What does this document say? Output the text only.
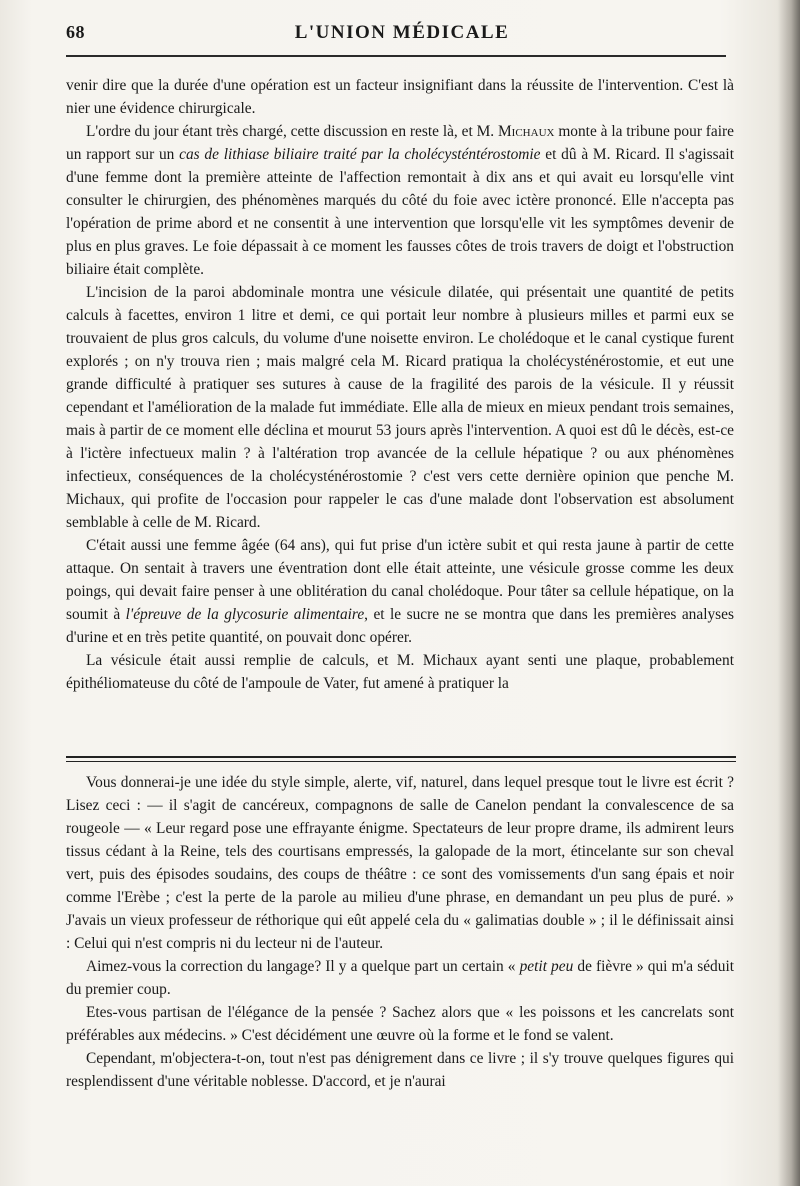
68	L'UNION MÉDICALE

venir dire que la durée d'une opération est un facteur insignifiant dans la réussite de l'intervention. C'est là nier une évidence chirurgicale.

L'ordre du jour étant très chargé, cette discussion en reste là, et M. Michaux monte à la tribune pour faire un rapport sur un cas de lithiase biliaire traité par la cholécysténtérostomie et dû à M. Ricard. Il s'agissait d'une femme dont la première atteinte de l'affection remontait à dix ans et qui avait eu lorsqu'elle vint consulter le chirurgien, des phénomènes marqués du côté du foie avec ictère prononcé. Elle n'accepta pas l'opération de prime abord et ne consentit à une intervention que lorsqu'elle vit les symptômes devenir de plus en plus graves. Le foie dépassait à ce moment les fausses côtes de trois travers de doigt et l'obstruction biliaire était complète.

L'incision de la paroi abdominale montra une vésicule dilatée, qui présentait une quantité de petits calculs à facettes, environ 1 litre et demi, ce qui portait leur nombre à plusieurs milles et parmi eux se trouvaient de plus gros calculs, du volume d'une noisette environ. Le cholédoque et le canal cystique furent explorés ; on n'y trouva rien ; mais malgré cela M. Ricard pratiqua la cholécysténérostomie, et eut une grande difficulté à pratiquer ses sutures à cause de la fragilité des parois de la vésicule. Il y réussit cependant et l'amélioration de la malade fut immédiate. Elle alla de mieux en mieux pendant trois semaines, mais à partir de ce moment elle déclina et mourut 53 jours après l'intervention. A quoi est dû le décès, est-ce à l'ictère infectueux malin ? à l'altération trop avancée de la cellule hépatique ? ou aux phénomènes infectieux, conséquences de la cholécysténérostomie ? c'est vers cette dernière opinion que penche M. Michaux, qui profite de l'occasion pour rappeler le cas d'une malade dont l'observation est absolument semblable à celle de M. Ricard.

C'était aussi une femme âgée (64 ans), qui fut prise d'un ictère subit et qui resta jaune à partir de cette attaque. On sentait à travers une éventration dont elle était atteinte, une vésicule grosse comme les deux poings, qui devait faire penser à une oblitération du canal cholédoque. Pour tâter sa cellule hépatique, on la soumit à l'épreuve de la glycosurie alimentaire, et le sucre ne se montra que dans les premières analyses d'urine et en très petite quantité, on pouvait donc opérer.

La vésicule était aussi remplie de calculs, et M. Michaux ayant senti une plaque, probablement épithéliomateuse du côté de l'ampoule de Vater, fut amené à pratiquer la

Vous donnerai-je une idée du style simple, alerte, vif, naturel, dans lequel presque tout le livre est écrit ? Lisez ceci : — il s'agit de cancéreux, compagnons de salle de Canelon pendant la convalescence de sa rougeole — « Leur regard pose une effrayante énigme. Spectateurs de leur propre drame, ils admirent leurs tissus cédant à la Reine, tels des courtisans empressés, la galopade de la mort, étincelante sur son cheval vert, puis des épisodes soudains, des coups de théâtre : ce sont des vomissements d'un sang épais et noir comme l'Erèbe ; c'est la perte de la parole au milieu d'une phrase, en demandant un peu plus de puré. » J'avais un vieux professeur de réthorique qui eût appelé cela du « galimatias double » ; il le définissait ainsi : Celui qui n'est compris ni du lecteur ni de l'auteur.

Aimez-vous la correction du langage? Il y a quelque part un certain « petit peu de fièvre » qui m'a séduit du premier coup.

Etes-vous partisan de l'élégance de la pensée ? Sachez alors que « les poissons et les cancrelats sont préférables aux médecins. » C'est décidément une œuvre où la forme et le fond se valent.

Cependant, m'objectera-t-on, tout n'est pas dénigrement dans ce livre ; il s'y trouve quelques figures qui resplendissent d'une véritable noblesse. D'accord, et je n'aurai
